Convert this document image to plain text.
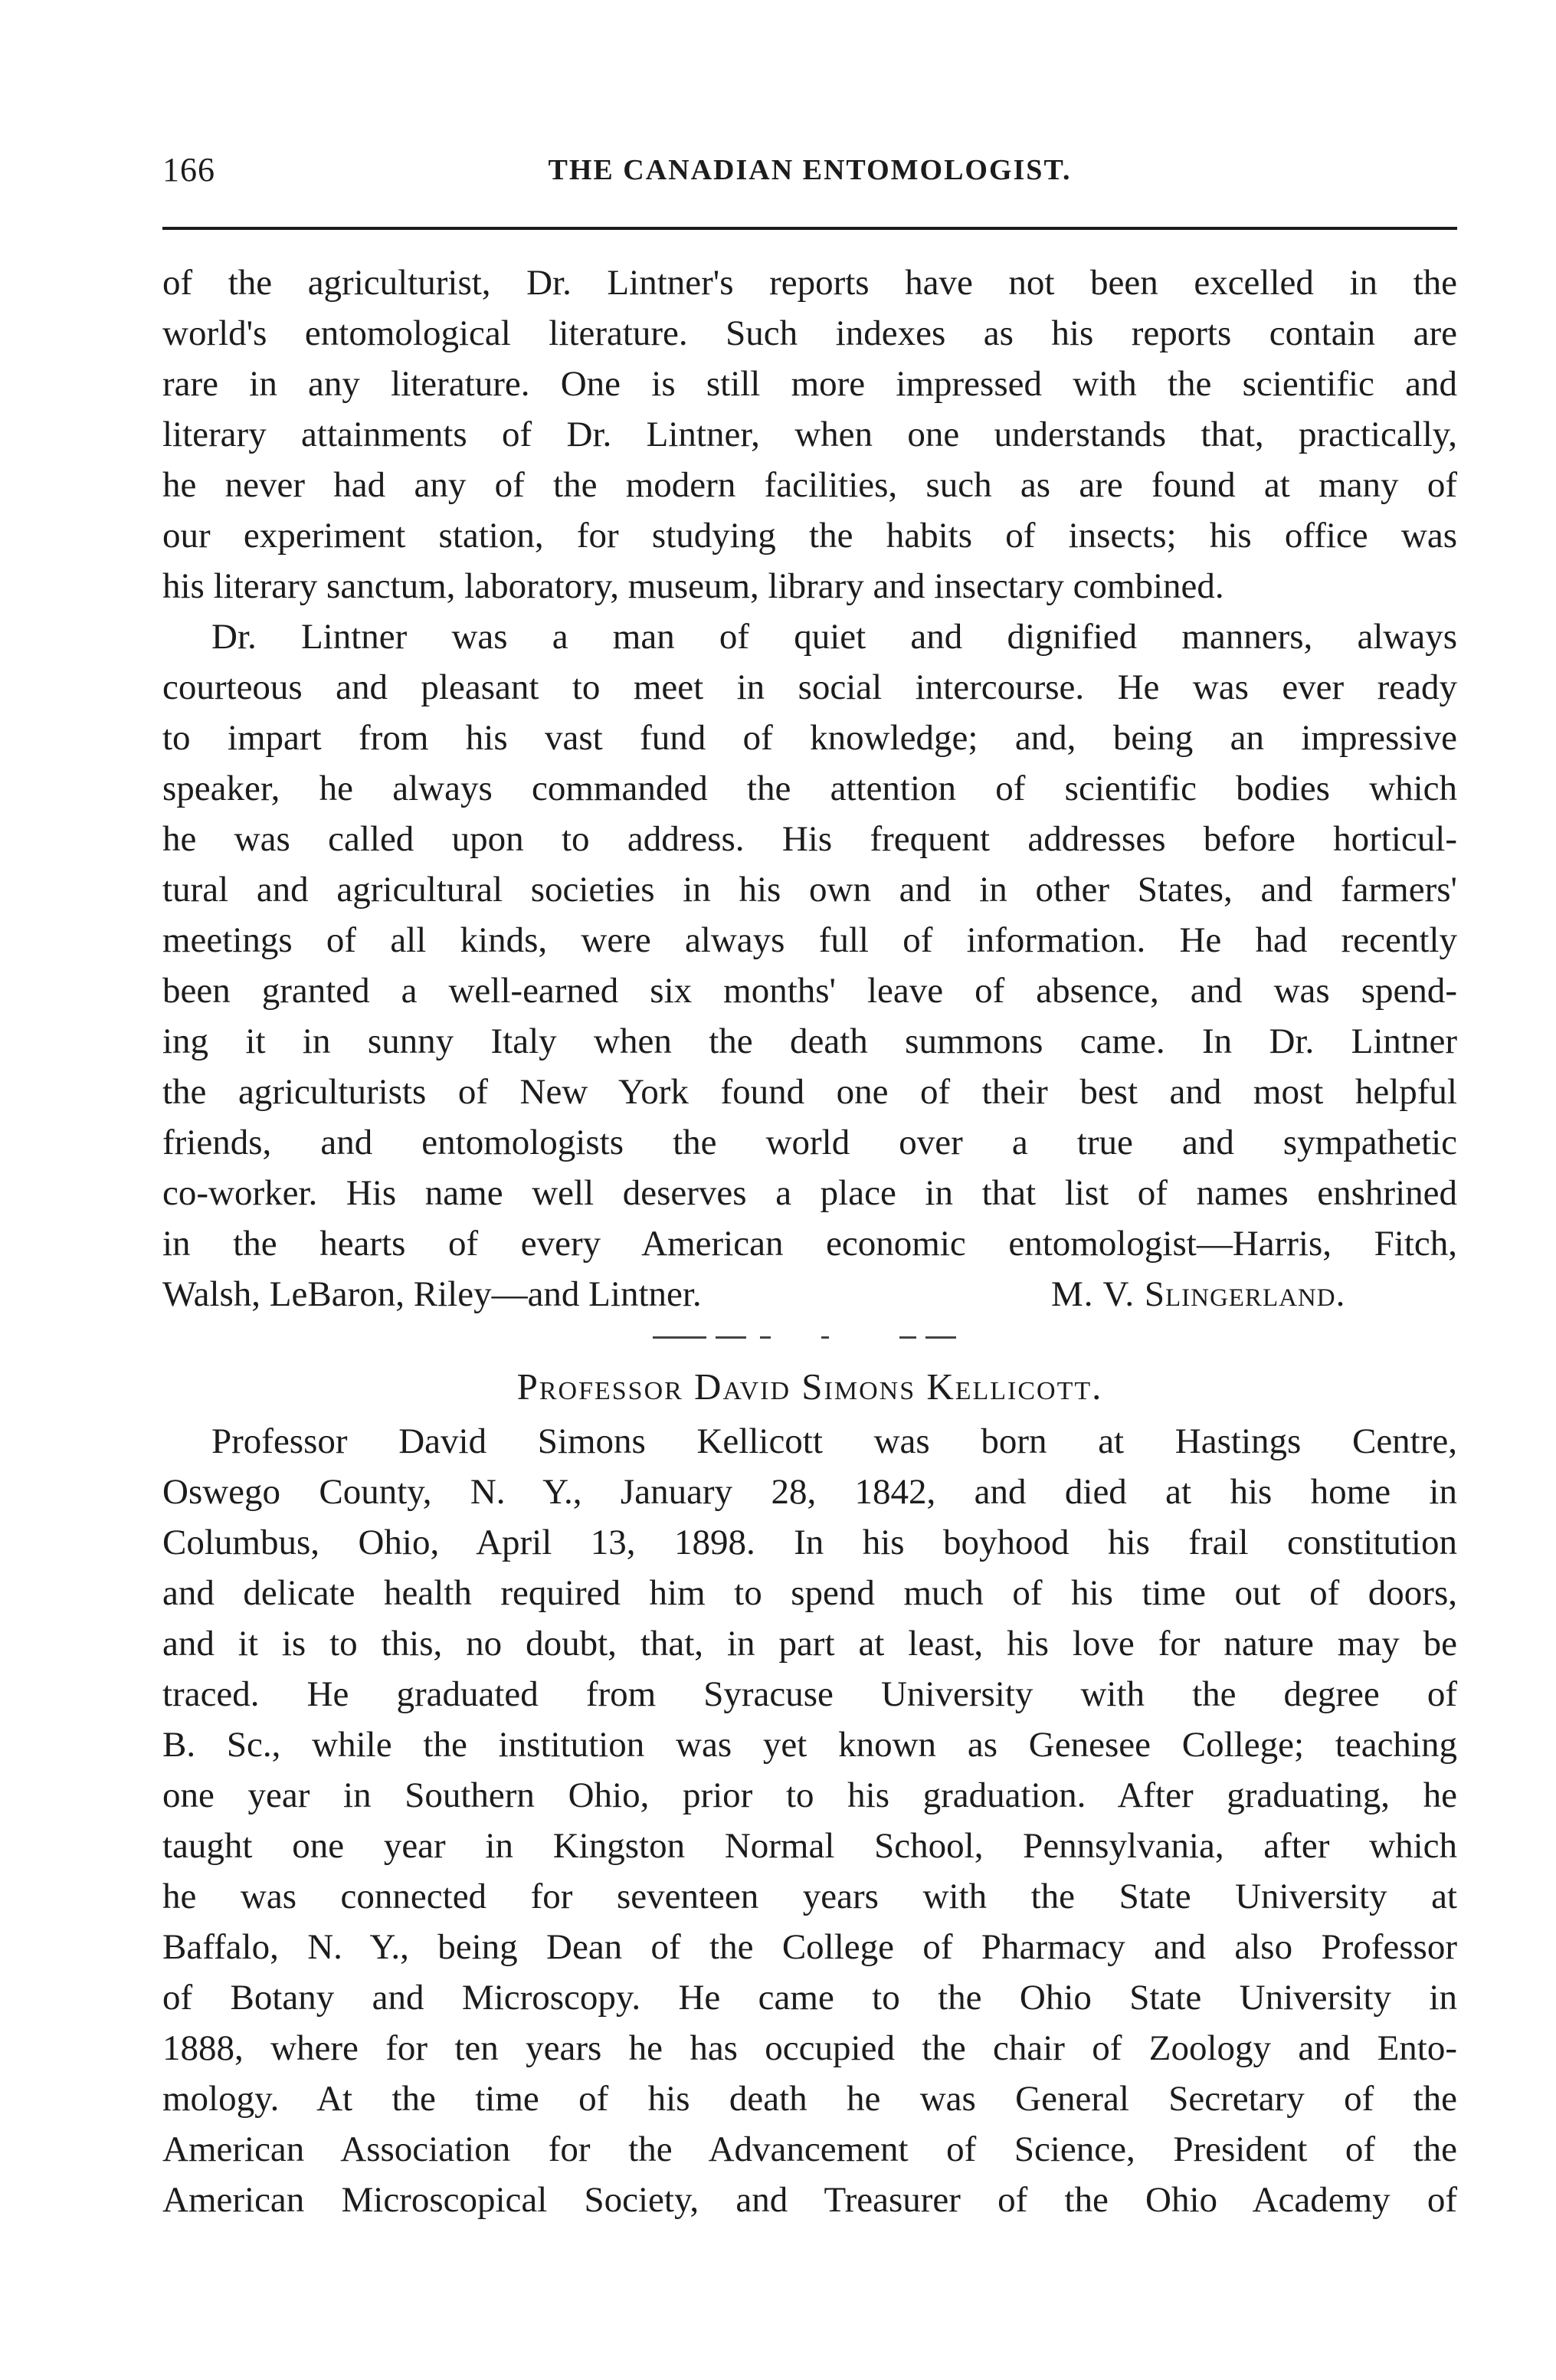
166	THE CANADIAN ENTOMOLOGIST.
of the agriculturist, Dr. Lintner's reports have not been excelled in the
world's entomological literature. Such indexes as his reports contain are
rare in any literature. One is still more impressed with the scientific and
literary attainments of Dr. Lintner, when one understands that, practically,
he never had any of the modern facilities, such as are found at many of
our experiment station, for studying the habits of insects; his office was
his literary sanctum, laboratory, museum, library and insectary combined.
Dr. Lintner was a man of quiet and dignified manners, always
courteous and pleasant to meet in social intercourse. He was ever ready
to impart from his vast fund of knowledge; and, being an impressive
speaker, he always commanded the attention of scientific bodies which
he was called upon to address. His frequent addresses before horticul-
tural and agricultural societies in his own and in other States, and farmers'
meetings of all kinds, were always full of information. He had recently
been granted a well-earned six months' leave of absence, and was spend-
ing it in sunny Italy when the death summons came. In Dr. Lintner
the agriculturists of New York found one of their best and most helpful
friends, and entomologists the world over a true and sympathetic
co-worker. His name well deserves a place in that list of names enshrined
in the hearts of every American economic entomologist—Harris, Fitch,
Walsh, LeBaron, Riley—and Lintner.	M. V. Slingerland.
Professor David Simons Kellicott.
Professor David Simons Kellicott was born at Hastings Centre,
Oswego County, N. Y., January 28, 1842, and died at his home in
Columbus, Ohio, April 13, 1898. In his boyhood his frail constitution
and delicate health required him to spend much of his time out of doors,
and it is to this, no doubt, that, in part at least, his love for nature may be
traced. He graduated from Syracuse University with the degree of
B. Sc., while the institution was yet known as Genesee College; teaching
one year in Southern Ohio, prior to his graduation. After graduating, he
taught one year in Kingston Normal School, Pennsylvania, after which
he was connected for seventeen years with the State University at
Baffalo, N. Y., being Dean of the College of Pharmacy and also Professor
of Botany and Microscopy. He came to the Ohio State University in
1888, where for ten years he has occupied the chair of Zoology and Ento-
mology. At the time of his death he was General Secretary of the
American Association for the Advancement of Science, President of the
American Microscopical Society, and Treasurer of the Ohio Academy of
